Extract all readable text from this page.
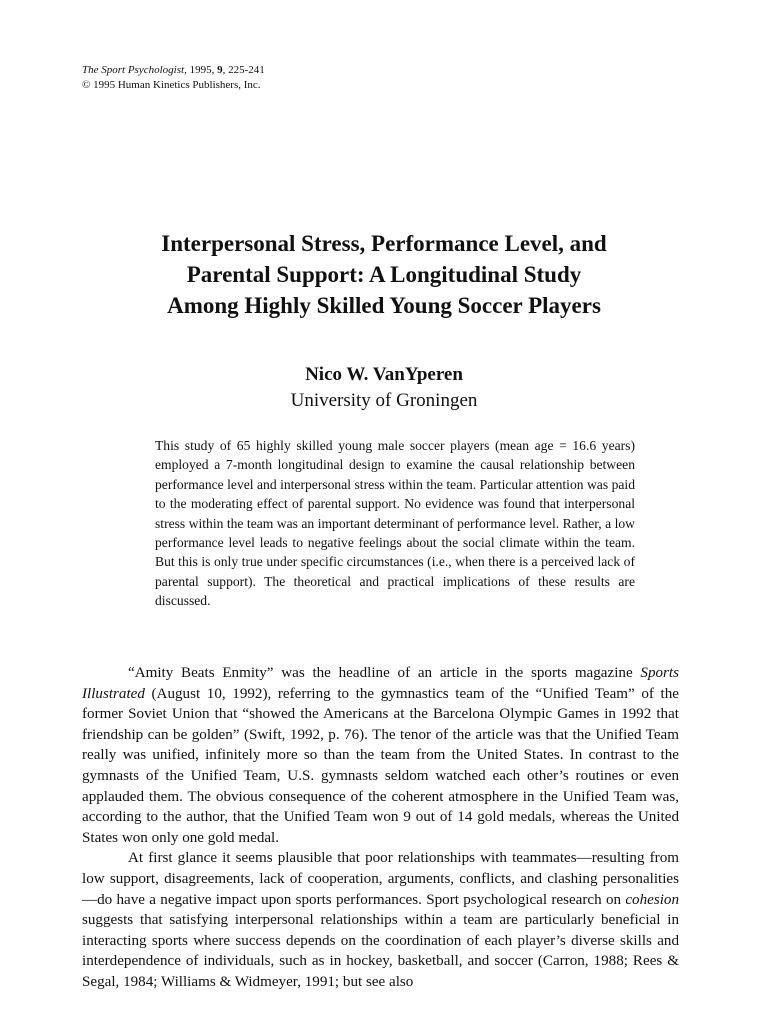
The Sport Psychologist, 1995, 9, 225-241
© 1995 Human Kinetics Publishers, Inc.
Interpersonal Stress, Performance Level, and
Parental Support: A Longitudinal Study
Among Highly Skilled Young Soccer Players
Nico W. VanYperen
University of Groningen

This study of 65 highly skilled young male soccer players (mean age = 16.6 years) employed a 7-month longitudinal design to examine the causal relationship between performance level and interpersonal stress within the team. Particular attention was paid to the moderating effect of parental support. No evidence was found that interpersonal stress within the team was an important determinant of performance level. Rather, a low performance level leads to negative feelings about the social climate within the team. But this is only true under specific circumstances (i.e., when there is a perceived lack of parental support). The theoretical and practical implications of these results are discussed.

“Amity Beats Enmity” was the headline of an article in the sports magazine Sports Illustrated (August 10, 1992), referring to the gymnastics team of the “Unified Team” of the former Soviet Union that “showed the Americans at the Barcelona Olympic Games in 1992 that friendship can be golden” (Swift, 1992, p. 76). The tenor of the article was that the Unified Team really was unified, infinitely more so than the team from the United States. In contrast to the gymnasts of the Unified Team, U.S. gymnasts seldom watched each other’s routines or even applauded them. The obvious consequence of the coherent atmosphere in the Unified Team was, according to the author, that the Unified Team won 9 out of 14 gold medals, whereas the United States won only one gold medal.

At first glance it seems plausible that poor relationships with teammates—resulting from low support, disagreements, lack of cooperation, arguments, conflicts, and clashing personalities—do have a negative impact upon sports performances. Sport psychological research on cohesion suggests that satisfying interpersonal relationships within a team are particularly beneficial in interacting sports where success depends on the coordination of each player’s diverse skills and interdependence of individuals, such as in hockey, basketball, and soccer (Carron, 1988; Rees & Segal, 1984; Williams & Widmeyer, 1991; but see also
